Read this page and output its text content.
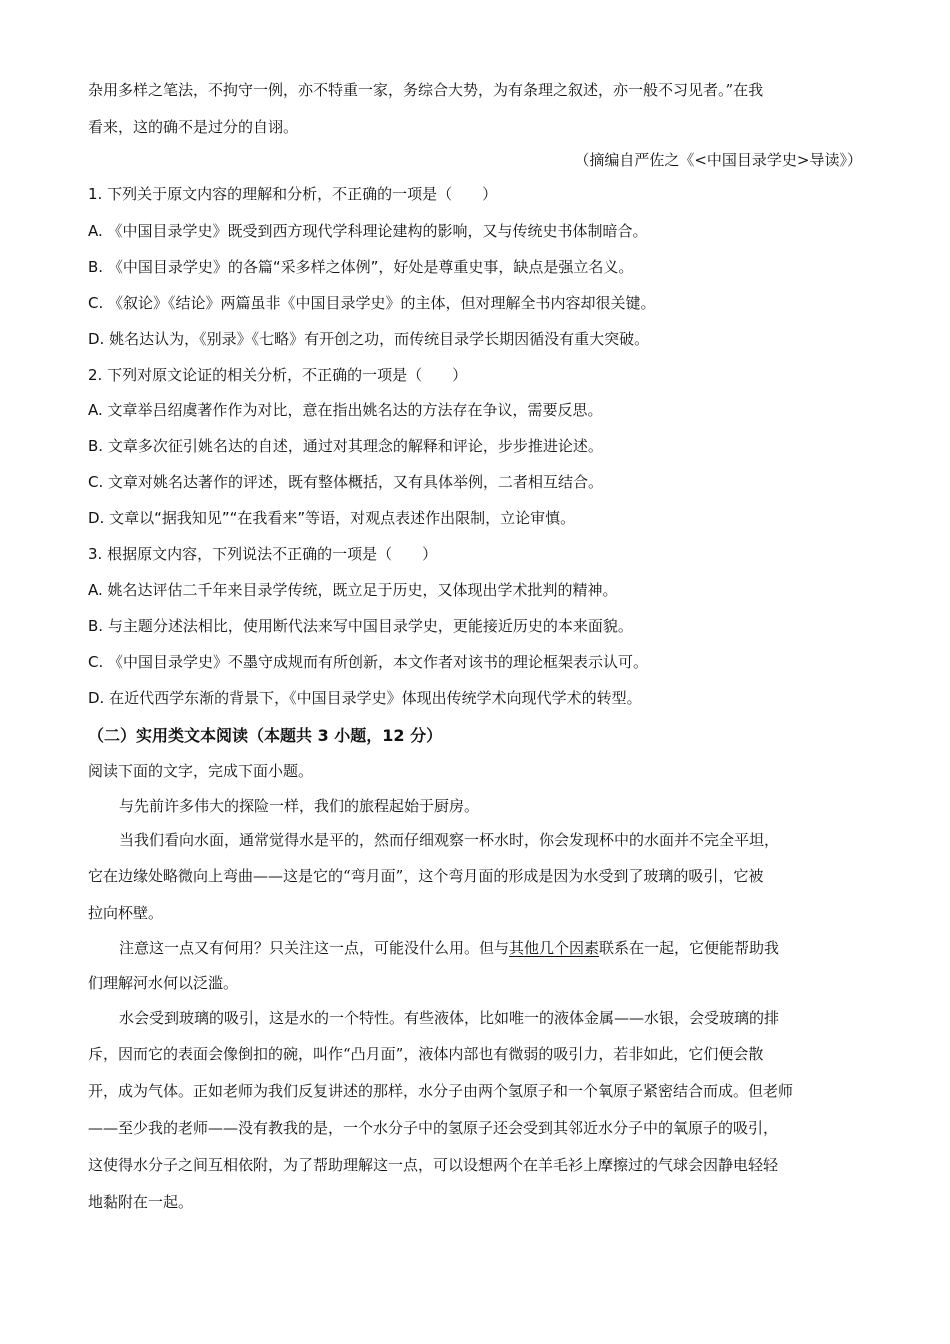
杂用多样之笔法，不拘守一例，亦不特重一家，务综合大势，为有条理之叙述，亦一般不习见者。”在我
看来，这的确不是过分的自诩。
（摘编自严佐之《<中国目录学史>导读》）
1. 下列关于原文内容的理解和分析，不正确的一项是（　　）
A. 《中国目录学史》既受到西方现代学科理论建构的影响，又与传统史书体制暗合。
B. 《中国目录学史》的各篇“采多样之体例”，好处是尊重史事，缺点是强立名义。
C. 《叙论》《结论》两篇虽非《中国目录学史》的主体，但对理解全书内容却很关键。
D. 姚名达认为，《别录》《七略》有开创之功，而传统目录学长期因循没有重大突破。
2. 下列对原文论证的相关分析，不正确的一项是（　　）
A. 文章举吕绍虞著作作为对比，意在指出姚名达的方法存在争议，需要反思。
B. 文章多次征引姚名达的自述，通过对其理念的解释和评论，步步推进论述。
C. 文章对姚名达著作的评述，既有整体概括，又有具体举例，二者相互结合。
D. 文章以“据我知见”“在我看来”等语，对观点表述作出限制，立论审慎。
3. 根据原文内容，下列说法不正确的一项是（　　）
A. 姚名达评估二千年来目录学传统，既立足于历史，又体现出学术批判的精神。
B. 与主题分述法相比，使用断代法来写中国目录学史，更能接近历史的本来面貌。
C. 《中国目录学史》不墨守成规而有所创新，本文作者对该书的理论框架表示认可。
D. 在近代西学东渐的背景下，《中国目录学史》体现出传统学术向现代学术的转型。
（二）实用类文本阅读（本题共 3 小题，12 分）
阅读下面的文字，完成下面小题。
与先前许多伟大的探险一样，我们的旅程起始于厨房。
当我们看向水面，通常觉得水是平的，然而仔细观察一杯水时，你会发现杯中的水面并不完全平坦，
它在边缘处略微向上弯曲——这是它的“弯月面”，这个弯月面的形成是因为水受到了玻璃的吸引，它被
拉向杯壁。
注意这一点又有何用？只关注这一点，可能没什么用。但与其他几个因素联系在一起，它便能帮助我
们理解河水何以泛滥。
水会受到玻璃的吸引，这是水的一个特性。有些液体，比如唯一的液体金属——水银，会受玻璃的排
斥，因而它的表面会像倒扣的碗，叫作“凸月面”，液体内部也有微弱的吸引力，若非如此，它们便会散
开，成为气体。正如老师为我们反复讲述的那样，水分子由两个氢原子和一个氧原子紧密结合而成。但老师
——至少我的老师——没有教我的是，一个水分子中的氢原子还会受到其邻近水分子中的氧原子的吸引，
这使得水分子之间互相依附，为了帮助理解这一点，可以设想两个在羊毛衫上摩擦过的气球会因静电轻轻
地黏附在一起。
